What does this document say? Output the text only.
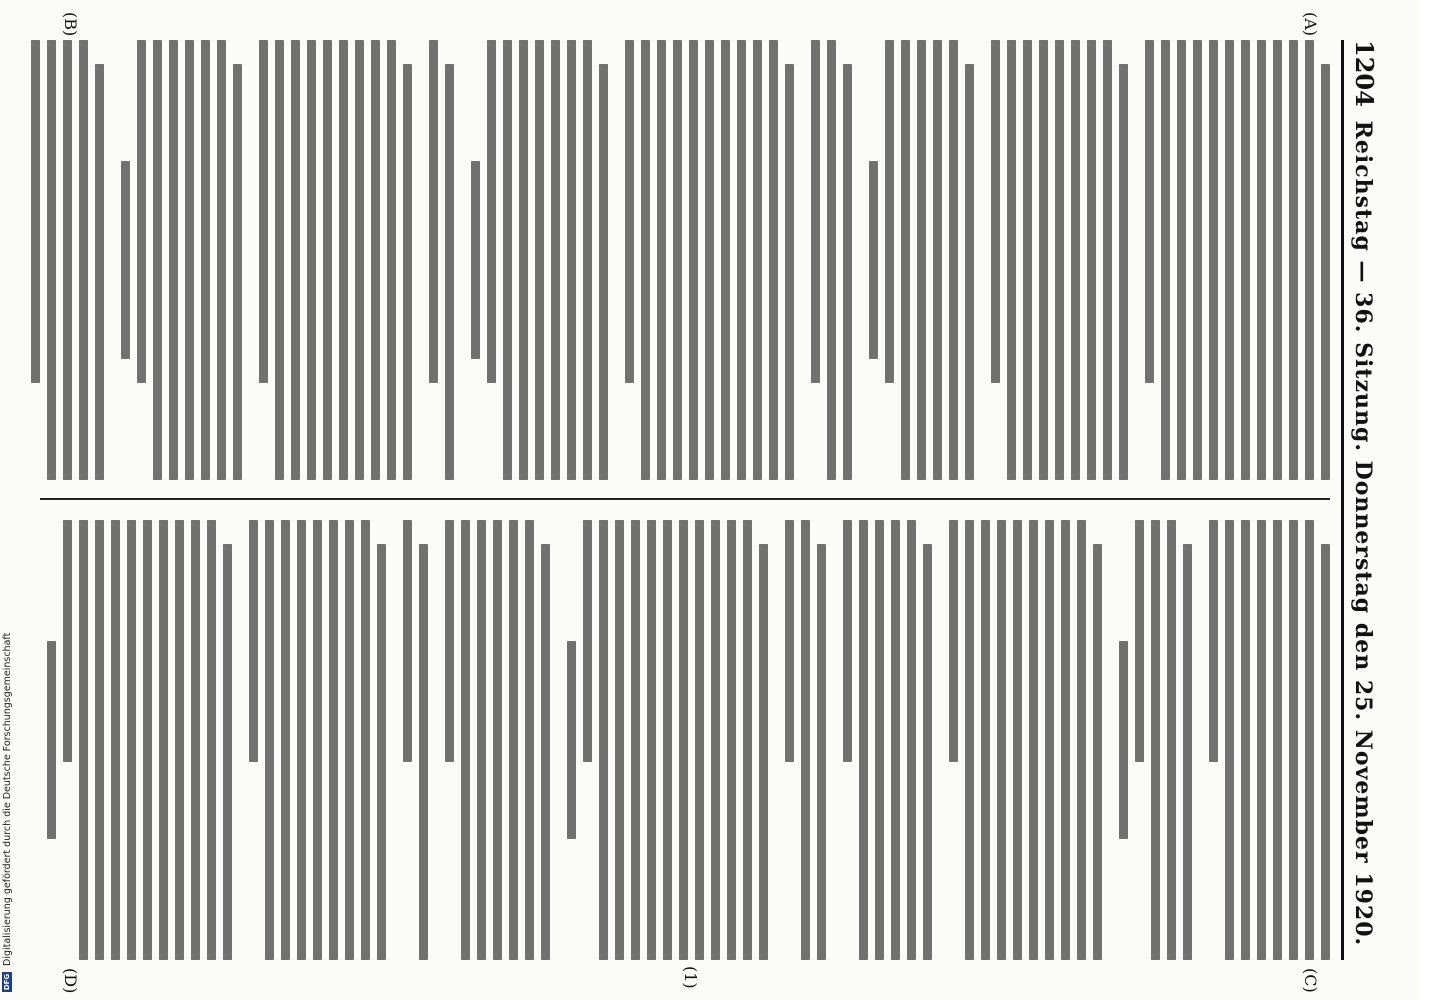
1204
Reichstag — 36. Sitzung. Donnerstag den 25. November 1920.
(A)
(B)
(C)
(D)	(1)
DFG
Digitalisierung gefördert durch die Deutsche Forschungsgemeinschaft
